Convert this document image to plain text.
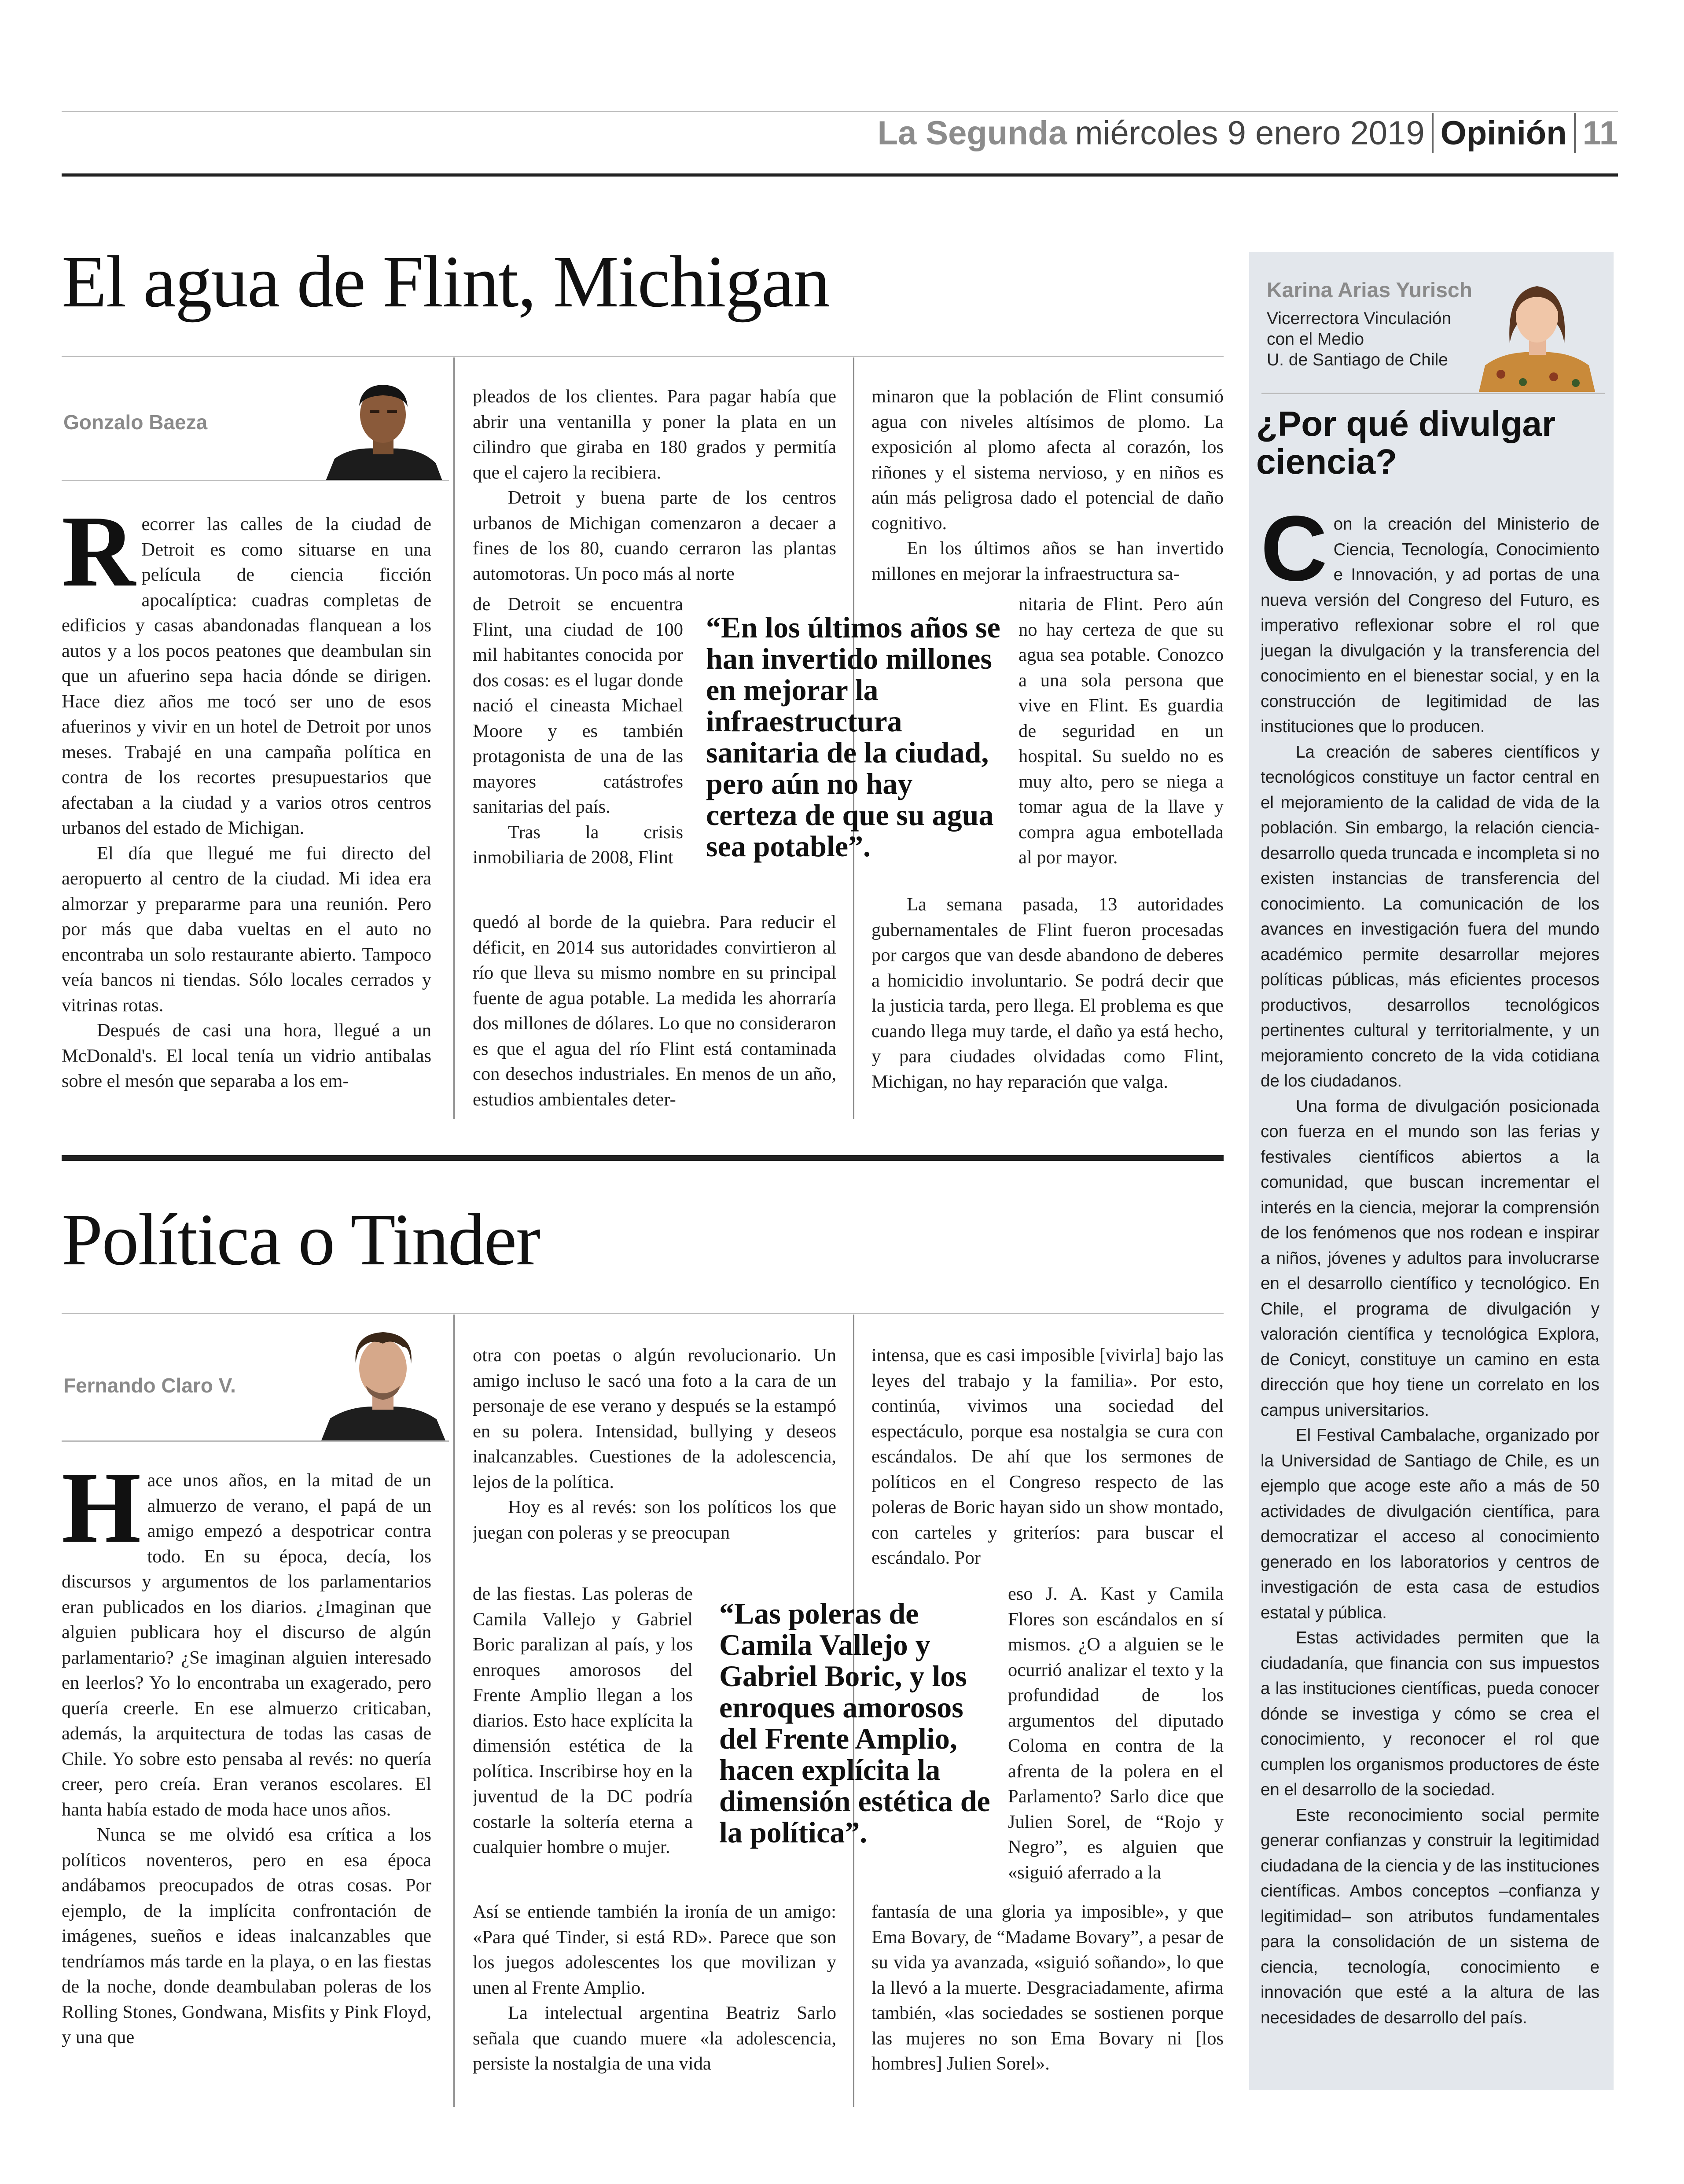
La Segunda miércoles 9 enero 2019 Opinión 11
El agua de Flint, Michigan
Gonzalo Baeza

Recorrer las calles de la ciudad de Detroit es como situarse en una película de ciencia ficción apocalíptica: cuadras completas de edificios y casas abandonadas flanquean a los autos y a los pocos peatones que deambulan sin que un afuerino sepa hacia dónde se dirigen. Hace diez años me tocó ser uno de esos afuerinos y vivir en un hotel de Detroit por unos meses. Trabajé en una campaña política en contra de los recortes presupuestarios que afectaban a la ciudad y a varios otros centros urbanos del estado de Michigan.

El día que llegué me fui directo del aeropuerto al centro de la ciudad. Mi idea era almorzar y prepararme para una reunión. Pero por más que daba vueltas en el auto no encontraba un solo restaurante abierto. Tampoco veía bancos ni tiendas. Sólo locales cerrados y vitrinas rotas.

Después de casi una hora, llegué a un McDonald's. El local tenía un vidrio antibalas sobre el mesón que separaba a los em-

pleados de los clientes. Para pagar había que abrir una ventanilla y poner la plata en un cilindro que giraba en 180 grados y permitía que el cajero la recibiera.

Detroit y buena parte de los centros urbanos de Michigan comenzaron a decaer a fines de los 80, cuando cerraron las plantas automotoras. Un poco más al norte

de Detroit se encuentra Flint, una ciudad de 100 mil habitantes conocida por dos cosas: es el lugar donde nació el cineasta Michael Moore y es también protagonista de una de las mayores catástrofes sanitarias del país.

Tras la crisis inmobiliaria de 2008, Flint

quedó al borde de la quiebra. Para reducir el déficit, en 2014 sus autoridades convirtieron al río que lleva su mismo nombre en su principal fuente de agua potable. La medida les ahorraría dos millones de dólares. Lo que no consideraron es que el agua del río Flint está contaminada con desechos industriales. En menos de un año, estudios ambientales deter-

minaron que la población de Flint consumió agua con niveles altísimos de plomo. La exposición al plomo afecta al corazón, los riñones y el sistema nervioso, y en niños es aún más peligrosa dado el potencial de daño cognitivo.

En los últimos años se han invertido millones en mejorar la infraestructura sa-

nitaria de Flint. Pero aún no hay certeza de que su agua sea potable. Conozco a una sola persona que vive en Flint. Es guardia de seguridad en un hospital. Su sueldo no es muy alto, pero se niega a tomar agua de la llave y compra agua embotellada al por mayor.

La semana pasada, 13 autoridades gubernamentales de Flint fueron procesadas por cargos que van desde abandono de deberes a homicidio involuntario. Se podrá decir que la justicia tarda, pero llega. El problema es que cuando llega muy tarde, el daño ya está hecho, y para ciudades olvidadas como Flint, Michigan, no hay reparación que valga.

“En los últimos años se han invertido millones en mejorar la infraestructura sanitaria de la ciudad, pero aún no hay certeza de que su agua sea potable”.
Política o Tinder
Fernando Claro V.

Hace unos años, en la mitad de un almuerzo de verano, el papá de un amigo empezó a despotricar contra todo. En su época, decía, los discursos y argumentos de los parlamentarios eran publicados en los diarios. ¿Imaginan que alguien publicara hoy el discurso de algún parlamentario? ¿Se imaginan alguien interesado en leerlos? Yo lo encontraba un exagerado, pero quería creerle. En ese almuerzo criticaban, además, la arquitectura de todas las casas de Chile. Yo sobre esto pensaba al revés: no quería creer, pero creía. Eran veranos escolares. El hanta había estado de moda hace unos años.

Nunca se me olvidó esa crítica a los políticos noventeros, pero en esa época andábamos preocupados de otras cosas. Por ejemplo, de la implícita confrontación de imágenes, sueños e ideas inalcanzables que tendríamos más tarde en la playa, o en las fiestas de la noche, donde deambulaban poleras de los Rolling Stones, Gondwana, Misfits y Pink Floyd, y una que

otra con poetas o algún revolucionario. Un amigo incluso le sacó una foto a la cara de un personaje de ese verano y después se la estampó en su polera. Intensidad, bullying y deseos inalcanzables. Cuestiones de la adolescencia, lejos de la política.

Hoy es al revés: son los políticos los que juegan con poleras y se preocupan

de las fiestas. Las poleras de Camila Vallejo y Gabriel Boric paralizan al país, y los enroques amorosos del Frente Amplio llegan a los diarios. Esto hace explícita la dimensión estética de la política. Inscribirse hoy en la juventud de la DC podría costarle la soltería eterna a cualquier hombre o mujer.

Así se entiende también la ironía de un amigo: «Para qué Tinder, si está RD». Parece que son los juegos adolescentes los que movilizan y unen al Frente Amplio.

La intelectual argentina Beatriz Sarlo señala que cuando muere «la adolescencia, persiste la nostalgia de una vida

intensa, que es casi imposible [vivirla] bajo las leyes del trabajo y la familia». Por esto, continúa, vivimos una sociedad del espectáculo, porque esa nostalgia se cura con escándalos. De ahí que los sermones de políticos en el Congreso respecto de las poleras de Boric hayan sido un show montado, con carteles y griteríos: para buscar el escándalo. Por

eso J. A. Kast y Camila Flores son escándalos en sí mismos. ¿O a alguien se le ocurrió analizar el texto y la profundidad de los argumentos del diputado Coloma en contra de la afrenta de la polera en el Parlamento? Sarlo dice que Julien Sorel, de “Rojo y Negro”, es alguien que «siguió aferrado a la

fantasía de una gloria ya imposible», y que Ema Bovary, de “Madame Bovary”, a pesar de su vida ya avanzada, «siguió soñando», lo que la llevó a la muerte. Desgraciadamente, afirma también, «las sociedades se sostienen porque las mujeres no son Ema Bovary ni [los hombres] Julien Sorel».

“Las poleras de Camila Vallejo y Gabriel Boric, y los enroques amorosos del Frente Amplio, hacen explícita la dimensión estética de la política”.
Karina Arias Yurisch
Vicerrectora Vinculación
con el Medio
U. de Santiago de Chile
¿Por qué divulgar ciencia?

Con la creación del Ministerio de Ciencia, Tecnología, Conocimiento e Innovación, y ad portas de una nueva versión del Congreso del Futuro, es imperativo reflexionar sobre el rol que juegan la divulgación y la transferencia del conocimiento en el bienestar social, y en la construcción de legitimidad de las instituciones que lo producen.

La creación de saberes científicos y tecnológicos constituye un factor central en el mejoramiento de la calidad de vida de la población. Sin embargo, la relación ciencia-desarrollo queda truncada e incompleta si no existen instancias de transferencia del conocimiento. La comunicación de los avances en investigación fuera del mundo académico permite desarrollar mejores políticas públicas, más eficientes procesos productivos, desarrollos tecnológicos pertinentes cultural y territorialmente, y un mejoramiento concreto de la vida cotidiana de los ciudadanos.

Una forma de divulgación posicionada con fuerza en el mundo son las ferias y festivales científicos abiertos a la comunidad, que buscan incrementar el interés en la ciencia, mejorar la comprensión de los fenómenos que nos rodean e inspirar a niños, jóvenes y adultos para involucrarse en el desarrollo científico y tecnológico. En Chile, el programa de divulgación y valoración científica y tecnológica Explora, de Conicyt, constituye un camino en esta dirección que hoy tiene un correlato en los campus universitarios.

El Festival Cambalache, organizado por la Universidad de Santiago de Chile, es un ejemplo que acoge este año a más de 50 actividades de divulgación científica, para democratizar el acceso al conocimiento generado en los laboratorios y centros de investigación de esta casa de estudios estatal y pública.

Estas actividades permiten que la ciudadanía, que financia con sus impuestos a las instituciones científicas, pueda conocer dónde se investiga y cómo se crea el conocimiento, y reconocer el rol que cumplen los organismos productores de éste en el desarrollo de la sociedad.

Este reconocimiento social permite generar confianzas y construir la legitimidad ciudadana de la ciencia y de las instituciones científicas. Ambos conceptos –confianza y legitimidad– son atributos fundamentales para la consolidación de un sistema de ciencia, tecnología, conocimiento e innovación que esté a la altura de las necesidades de desarrollo del país.
